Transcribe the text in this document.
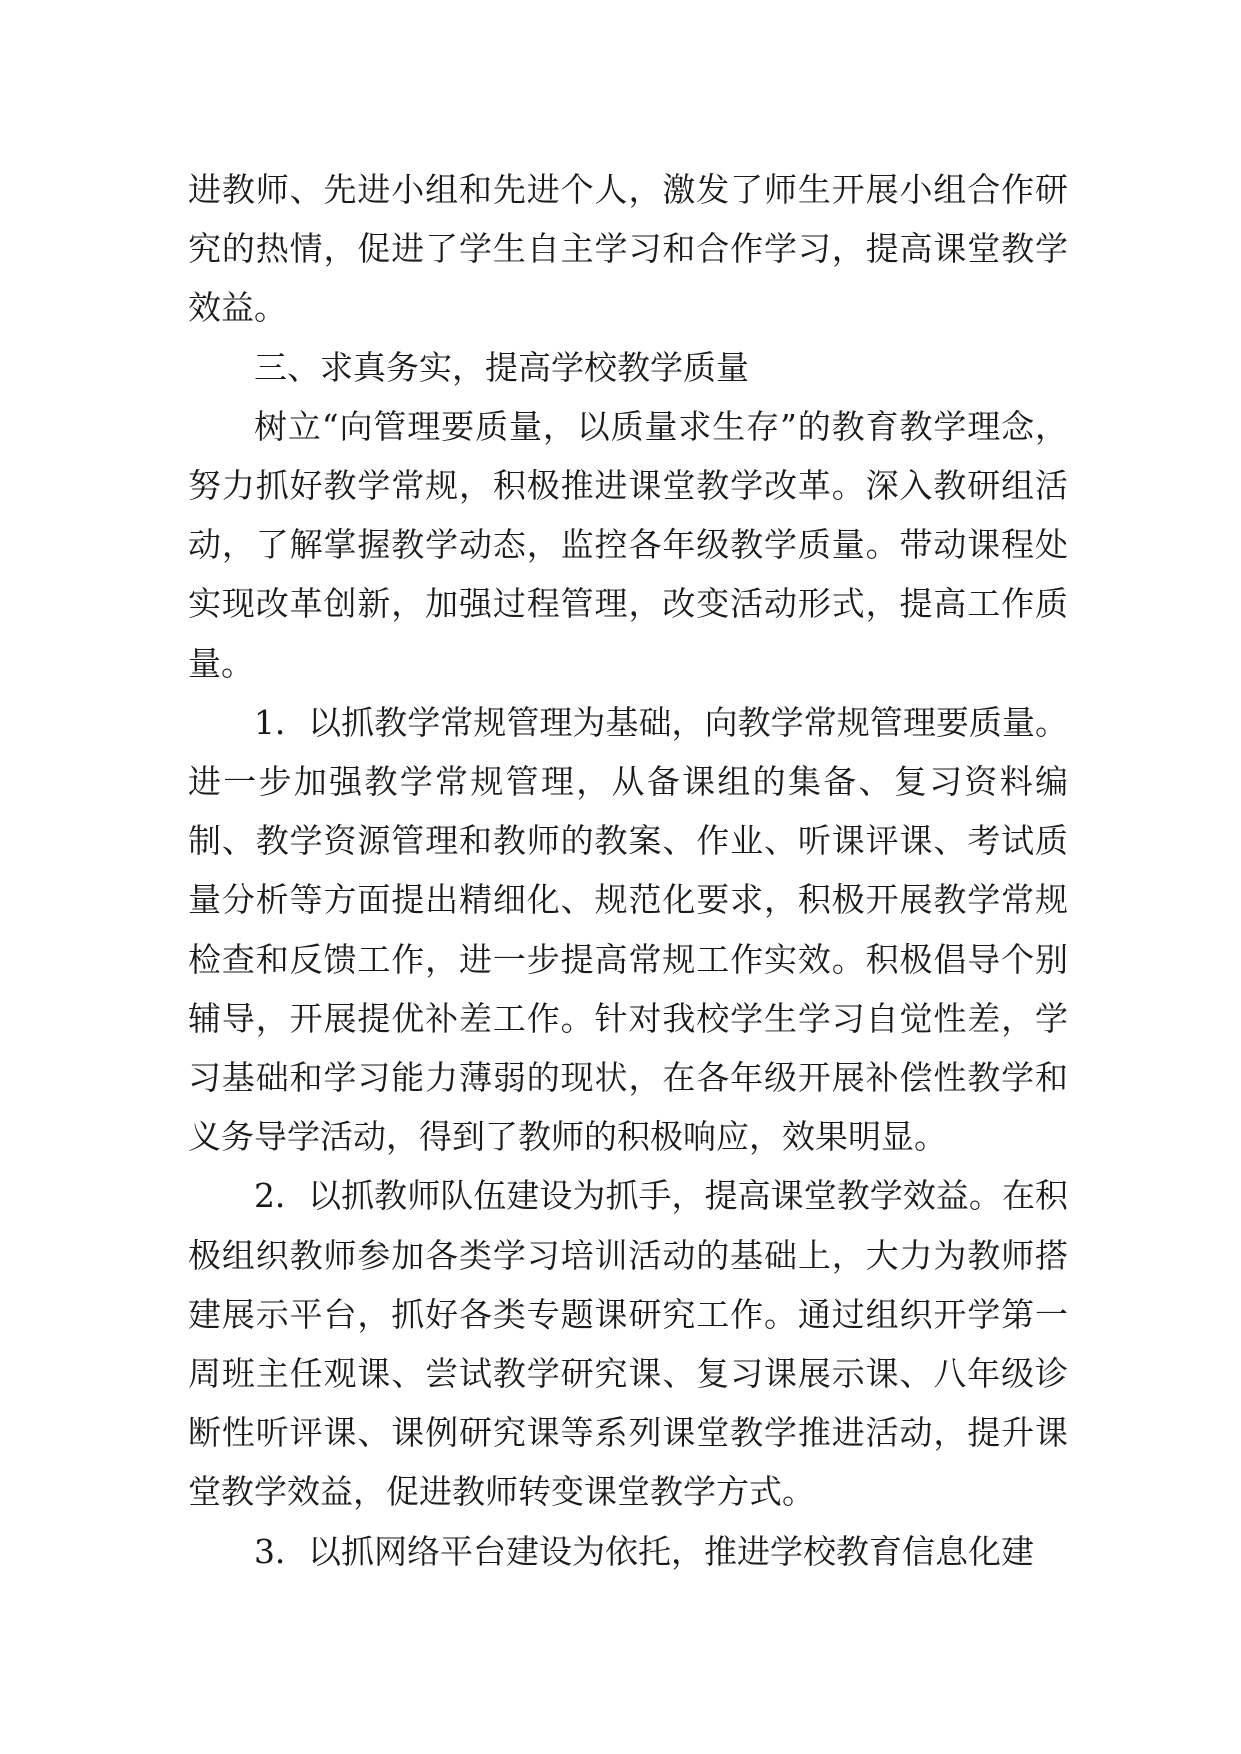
进教师、先进小组和先进个人，激发了师生开展小组合作研究的热情，促进了学生自主学习和合作学习，提高课堂教学效益。

三、求真务实，提高学校教学质量

树立“向管理要质量，以质量求生存”的教育教学理念，努力抓好教学常规，积极推进课堂教学改革。深入教研组活动，了解掌握教学动态，监控各年级教学质量。带动课程处实现改革创新，加强过程管理，改变活动形式，提高工作质量。

1．以抓教学常规管理为基础，向教学常规管理要质量。进一步加强教学常规管理，从备课组的集备、复习资料编制、教学资源管理和教师的教案、作业、听课评课、考试质量分析等方面提出精细化、规范化要求，积极开展教学常规检查和反馈工作，进一步提高常规工作实效。积极倡导个别辅导，开展提优补差工作。针对我校学生学习自觉性差，学习基础和学习能力薄弱的现状，在各年级开展补偿性教学和义务导学活动，得到了教师的积极响应，效果明显。

2．以抓教师队伍建设为抓手，提高课堂教学效益。在积极组织教师参加各类学习培训活动的基础上，大力为教师搭建展示平台，抓好各类专题课研究工作。通过组织开学第一周班主任观课、尝试教学研究课、复习课展示课、八年级诊断性听评课、课例研究课等系列课堂教学推进活动，提升课堂教学效益，促进教师转变课堂教学方式。

3．以抓网络平台建设为依托，推进学校教育信息化建
